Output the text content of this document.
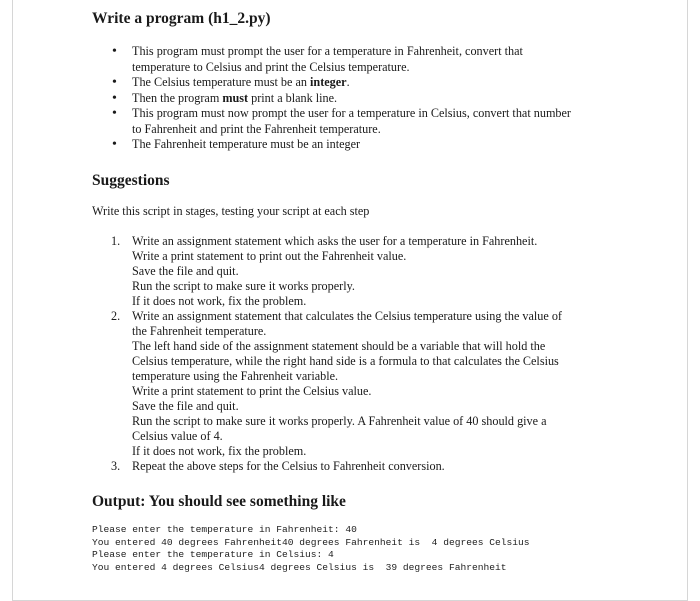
Write a program (h1_2.py)
• This program must prompt the user for a temperature in Fahrenheit, convert that
temperature to Celsius and print the Celsius temperature.
• The Celsius temperature must be an integer.
• Then the program must print a blank line.
• This program must now prompt the user for a temperature in Celsius, convert that number
to Fahrenheit and print the Fahrenheit temperature.
• The Fahrenheit temperature must be an integer
Suggestions
Write this script in stages, testing your script at each step
1. Write an assignment statement which asks the user for a temperature in Fahrenheit.
Write a print statement to print out the Fahrenheit value.
Save the file and quit.
Run the script to make sure it works properly.
If it does not work, fix the problem.
2. Write an assignment statement that calculates the Celsius temperature using the value of
the Fahrenheit temperature.
The left hand side of the assignment statement should be a variable that will hold the
Celsius temperature, while the right hand side is a formula to that calculates the Celsius
temperature using the Fahrenheit variable.
Write a print statement to print the Celsius value.
Save the file and quit.
Run the script to make sure it works properly. A Fahrenheit value of 40 should give a
Celsius value of 4.
If it does not work, fix the problem.
3. Repeat the above steps for the Celsius to Fahrenheit conversion.
Output: You should see something like
Please enter the temperature in Fahrenheit: 40
You entered 40 degrees Fahrenheit40 degrees Fahrenheit is  4 degrees Celsius
Please enter the temperature in Celsius: 4
You entered 4 degrees Celsius4 degrees Celsius is  39 degrees Fahrenheit
